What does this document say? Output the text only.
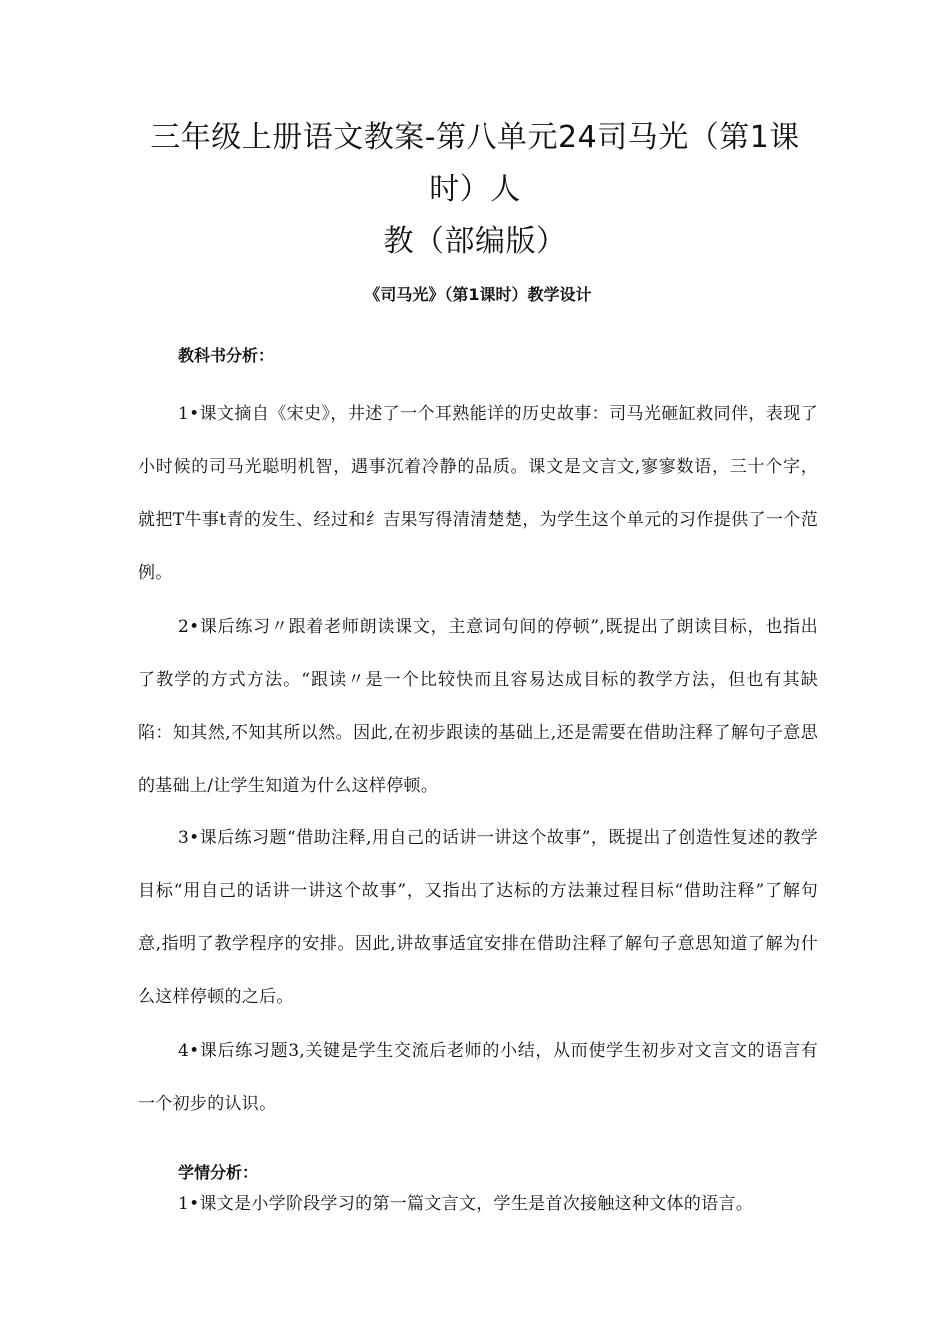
三年级上册语文教案-第八单元24司马光（第1课
时）人
教（部编版）

《司马光》（第1课时）教学设计

教科书分析：

1•课文摘自《宋史》，井述了一个耳熟能详的历史故事：司马光砸缸救同伴，表现了小时候的司马光聪明机智，遇事沉着冷静的品质。课文是文言文,寥寥数语，三十个字，就把T牛事t青的发生、经过和纟吉果写得清清楚楚，为学生这个单元的习作提供了一个范例。

2•课后练习〃跟着老师朗读课文，主意词句间的停顿”,既提出了朗读目标，也指出了教学的方式方法。“跟读〃是一个比较快而且容易达成目标的教学方法，但也有其缺陷：知其然,不知其所以然。因此,在初步跟读的基础上,还是需要在借助注释了解句子意思的基础上/让学生知道为什么这样停顿。

3•课后练习题“借助注释,用自己的话讲一讲这个故事”，既提出了创造性复述的教学目标“用自己的话讲一讲这个故事”，又指出了达标的方法兼过程目标“借助注释”了解句意,指明了教学程序的安排。因此,讲故事适宜安排在借助注释了解句子意思知道了解为什么这样停顿的之后。

4•课后练习题3,关键是学生交流后老师的小结，从而使学生初步对文言文的语言有一个初步的认识。

学情分析：

1•课文是小学阶段学习的第一篇文言文，学生是首次接触这种文体的语言。
